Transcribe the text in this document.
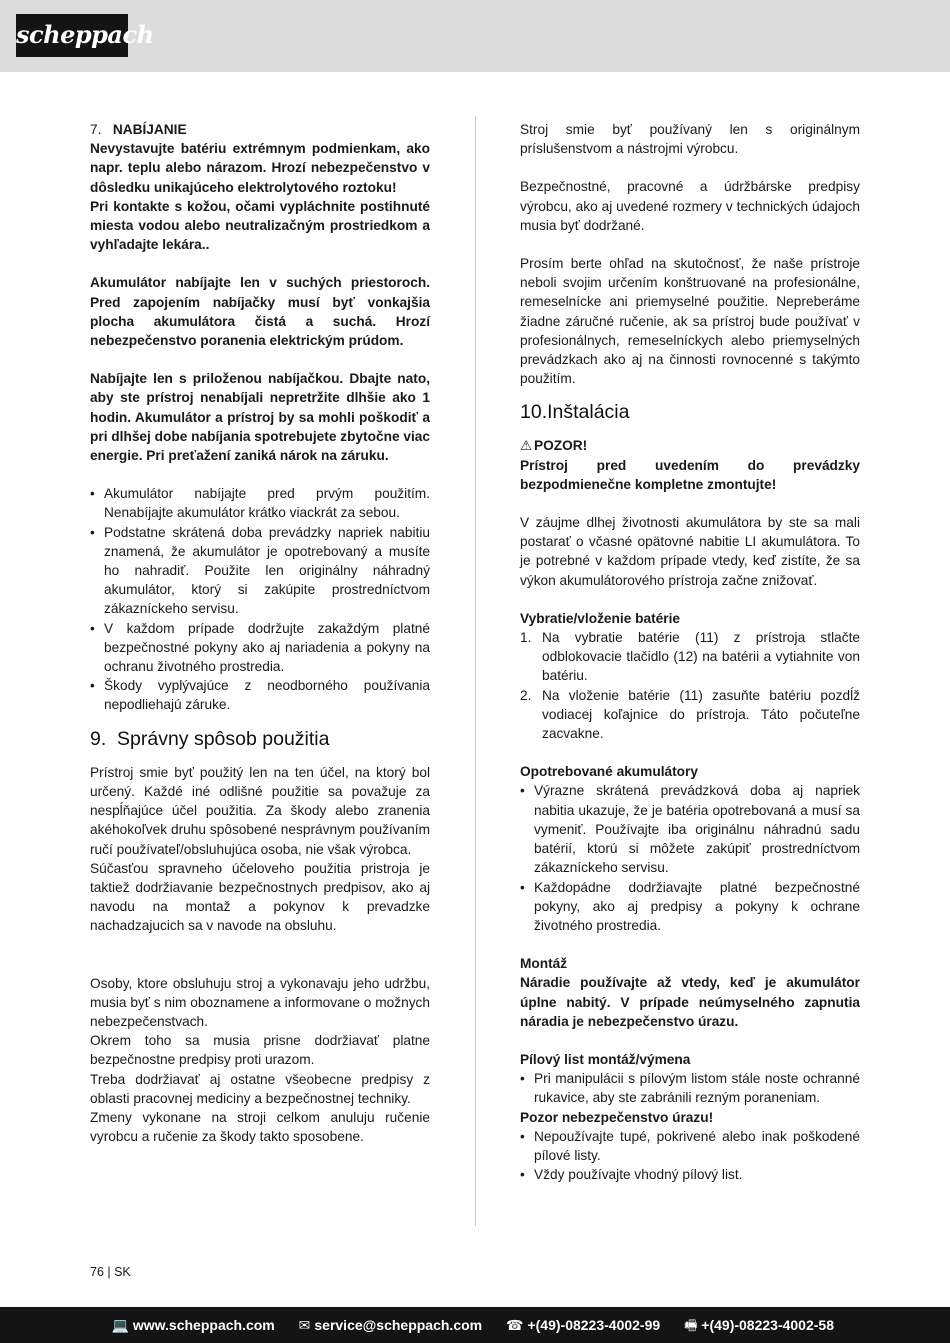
scheppach

7. NABÍJANIE

Nevystavujte batériu extrémnym podmienkam, ako napr. teplu alebo nárazom. Hrozí nebezpečenstvo v dôsledku unikajúceho elektrolytového roztoku!

Pri kontakte s kožou, očami vypláchnite postihnuté miesta vodou alebo neutralizačným prostriedkom a vyhľadajte lekára..

Akumulátor nabíjajte len v suchých priestoroch. Pred zapojením nabíjačky musí byť vonkajšia plocha akumulátora čistá a suchá. Hrozí nebezpečenstvo poranenia elektrickým prúdom.

Nabíjajte len s priloženou nabíjačkou. Dbajte nato, aby ste prístroj nenabíjali nepretržite dlhšie ako 1 hodin. Akumulátor a prístroj by sa mohli poškodiť a pri dlhšej dobe nabíjania spotrebujete zbytočne viac energie. Pri preťažení zaniká nárok na záruku.

• Akumulátor nabíjajte pred prvým použitím. Nenabíjajte akumulátor krátko viackrát za sebou.
• Podstatne skrátená doba prevádzky napriek nabitiu znamená, že akumulátor je opotrebovaný a musíte ho nahradiť. Použite len originálny náhradný akumulátor, ktorý si zakúpite prostredníctvom zákazníckeho servisu.
• V každom prípade dodržujte zakaždým platné bezpečnostné pokyny ako aj nariadenia a pokyny na ochranu životného prostredia.
• Škody vyplývajúce z neodborného používania nepodliehajú záruke.
9. Správny spôsob použitia

Prístroj smie byť použitý len na ten účel, na ktorý bol určený. Každé iné odlišné použitie sa považuje za nespĺňajúce účel použitia. Za škody alebo zranenia akéhokoľvek druhu spôsobené nesprávnym používaním ručí používateľ/obsluhujúca osoba, nie však výrobca.

Súčasťou spravneho účeloveho použitia pristroja je taktiež dodržiavanie bezpečnostnych predpisov, ako aj navodu na montaž a pokynov k prevadzke nachadzajucich sa v navode na obsluhu.

Osoby, ktore obsluhuju stroj a vykonavaju jeho udržbu, musia byť s nim oboznamene a informovane o možnych nebezpečenstvach.

Okrem toho sa musia prisne dodržiavať platne bezpečnostne predpisy proti urazom.

Treba dodržiavať aj ostatne všeobecne predpisy z oblasti pracovnej mediciny a bezpečnostnej techniky.

Zmeny vykonane na stroji celkom anuluju ručenie vyrobcu a ručenie za škody takto sposobene.

Stroj smie byť používaný len s originálnym príslušenstvom a nástrojmi výrobcu.

Bezpečnostné, pracovné a údržbárske predpisy výrobcu, ako aj uvedené rozmery v technických údajoch musia byť dodržané.

Prosím berte ohľad na skutočnosť, že naše prístroje neboli svojim určením konštruované na profesionálne, remeselnícke ani priemyselné použitie. Nepreberáme žiadne záručné ručenie, ak sa prístroj bude používať v profesionálnych, remeselníckych alebo priemyselných prevádzkach ako aj na činnosti rovnocenné s takýmto použitím.

10.Inštalácia

⚠ POZOR!

Prístroj pred uvedením do prevádzky bezpodmienečne kompletne zmontujte!

V záujme dlhej životnosti akumulátora by ste sa mali postarať o včasné opätovné nabitie LI akumulátora. To je potrebné v každom prípade vtedy, keď zistíte, že sa výkon akumulátorového prístroja začne znižovať.

Vybratie/vloženie batérie

1. Na vybratie batérie (11) z prístroja stlačte odblokovacie tlačidlo (12) na batérii a vytiahnite von batériu.
2. Na vloženie batérie (11) zasuňte batériu pozdĺž vodiacej koľajnice do prístroja. Táto počuteľne zacvakne.

Opotrebované akumulátory

• Výrazne skrátená prevádzková doba aj napriek nabitia ukazuje, že je batéria opotrebovaná a musí sa vymeniť. Používajte iba originálnu náhradnú sadu batérií, ktorú si môžete zakúpiť prostredníctvom zákazníckeho servisu.
• Každopádne dodržiavajte platné bezpečnostné pokyny, ako aj predpisy a pokyny k ochrane životného prostredia.

Montáž

Náradie používajte až vtedy, keď je akumulátor úplne nabitý. V prípade neúmyselného zapnutia náradia je nebezpečenstvo úrazu.

Pílový list montáž/výmena

• Pri manipulácii s pílovým listom stále noste ochranné rukavice, aby ste zabránili rezným poraneniam.

Pozor nebezpečenstvo úrazu!

• Nepoužívajte tupé, pokrivené alebo inak poškodené pílové listy.
• Vždy používajte vhodný pílový list.
76 | SK
💻 www.scheppach.com ✉ service@scheppach.com ☎ +(49)-08223-4002-99 🖷 +(49)-08223-4002-58
